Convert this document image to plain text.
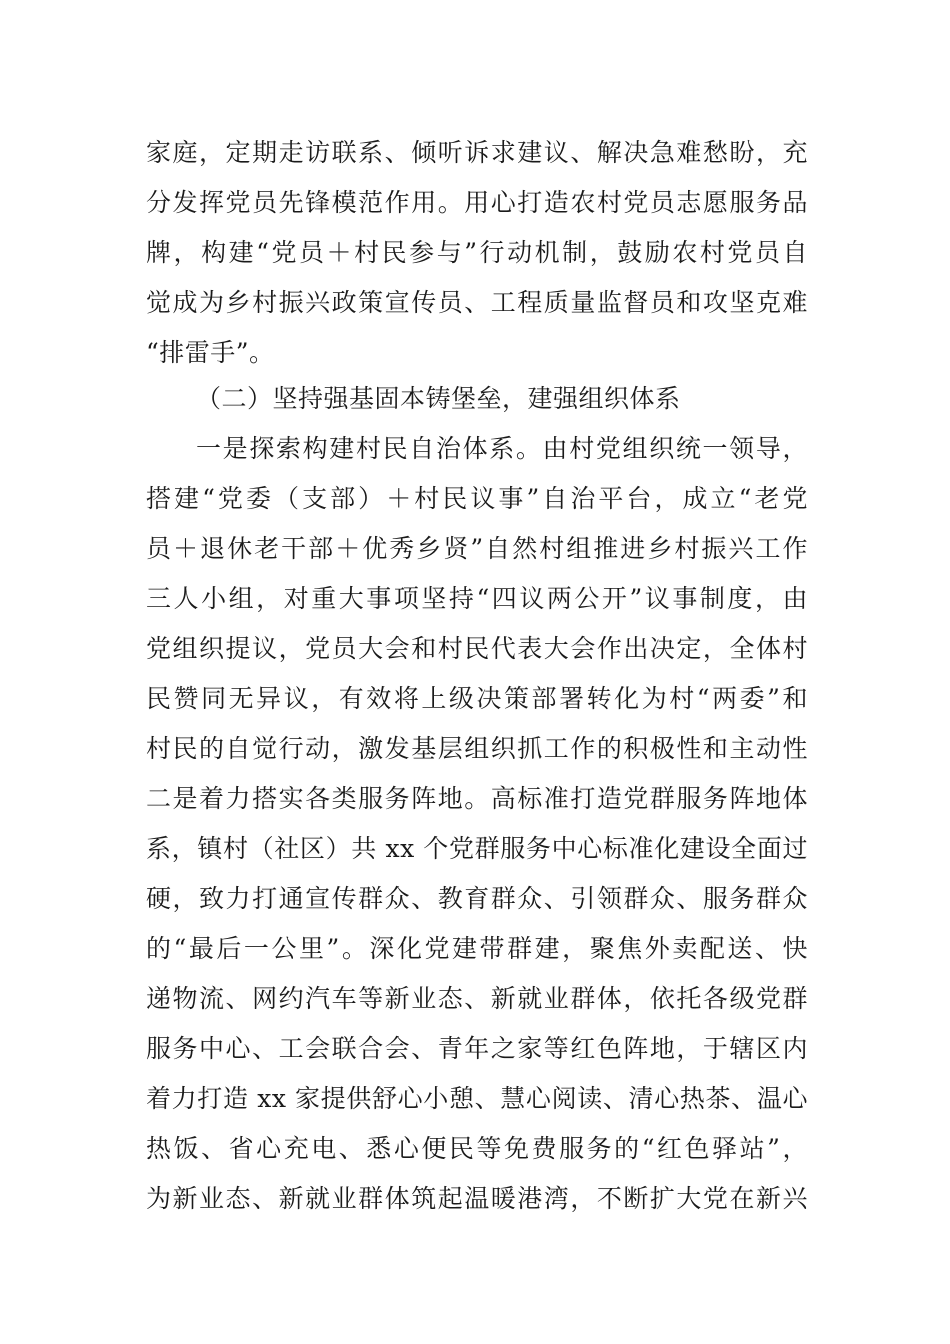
家庭，定期走访联系、倾听诉求建议、解决急难愁盼，充
分发挥党员先锋模范作用。用心打造农村党员志愿服务品
牌，构建“党员＋村民参与”行动机制，鼓励农村党员自
觉成为乡村振兴政策宣传员、工程质量监督员和攻坚克难
“排雷手”。
（二）坚持强基固本铸堡垒，建强组织体系
一是探索构建村民自治体系。由村党组织统一领导，
搭建“党委（支部）＋村民议事”自治平台，成立“老党
员＋退休老干部＋优秀乡贤”自然村组推进乡村振兴工作
三人小组，对重大事项坚持“四议两公开”议事制度，由
党组织提议，党员大会和村民代表大会作出决定，全体村
民赞同无异议，有效将上级决策部署转化为村“两委”和
村民的自觉行动，激发基层组织抓工作的积极性和主动性
二是着力搭实各类服务阵地。高标准打造党群服务阵地体
系，镇村（社区）共 xx 个党群服务中心标准化建设全面过
硬，致力打通宣传群众、教育群众、引领群众、服务群众
的“最后一公里”。深化党建带群建，聚焦外卖配送、快
递物流、网约汽车等新业态、新就业群体，依托各级党群
服务中心、工会联合会、青年之家等红色阵地，于辖区内
着力打造 xx 家提供舒心小憩、慧心阅读、清心热茶、温心
热饭、省心充电、悉心便民等免费服务的“红色驿站”，
为新业态、新就业群体筑起温暖港湾，不断扩大党在新兴
